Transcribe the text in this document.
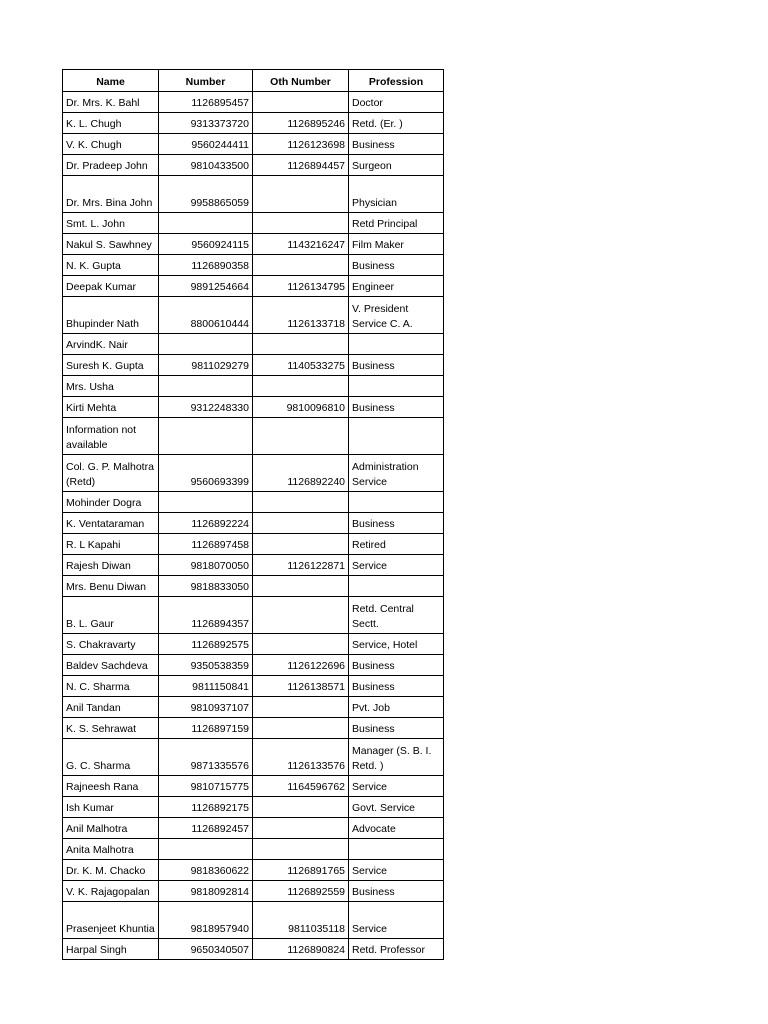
Name	Number	Oth Number	Profession
Dr. Mrs. K. Bahl	1126895457		Doctor
K. L. Chugh	9313373720	1126895246	Retd. (Er. )
V. K. Chugh	9560244411	1126123698	Business
Dr. Pradeep John	9810433500	1126894457	Surgeon
Dr. Mrs. Bina John	9958865059		Physician
Smt. L. John			Retd Principal
Nakul S. Sawhney	9560924115	1143216247	Film Maker
N. K. Gupta	1126890358		Business
Deepak Kumar	9891254664	1126134795	Engineer
Bhupinder Nath	8800610444	1126133718	V. President Service C. A.
ArvindK. Nair			
Suresh K. Gupta	9811029279	1140533275	Business
Mrs. Usha			
Kirti Mehta	9312248330	9810096810	Business
Information not available			
Col. G. P. Malhotra (Retd)	9560693399	1126892240	Administration Service
Mohinder Dogra			
K. Ventataraman	1126892224		Business
R. L Kapahi	1126897458		Retired
Rajesh Diwan	9818070050	1126122871	Service
Mrs. Benu Diwan	9818833050		
B. L. Gaur	1126894357		Retd. Central Sectt.
S. Chakravarty	1126892575		Service, Hotel
Baldev Sachdeva	9350538359	1126122696	Business
N. C. Sharma	9811150841	1126138571	Business
Anil Tandan	9810937107		Pvt. Job
K. S. Sehrawat	1126897159		Business
G. C. Sharma	9871335576	1126133576	Manager (S. B. I. Retd. )
Rajneesh Rana	9810715775	1164596762	Service
Ish Kumar	1126892175		Govt. Service
Anil Malhotra	1126892457		Advocate
Anita Malhotra			
Dr. K. M. Chacko	9818360622	1126891765	Service
V. K. Rajagopalan	9818092814	1126892559	Business
Prasenjeet Khuntia	9818957940	9811035118	Service
Harpal Singh	9650340507	1126890824	Retd. Professor
